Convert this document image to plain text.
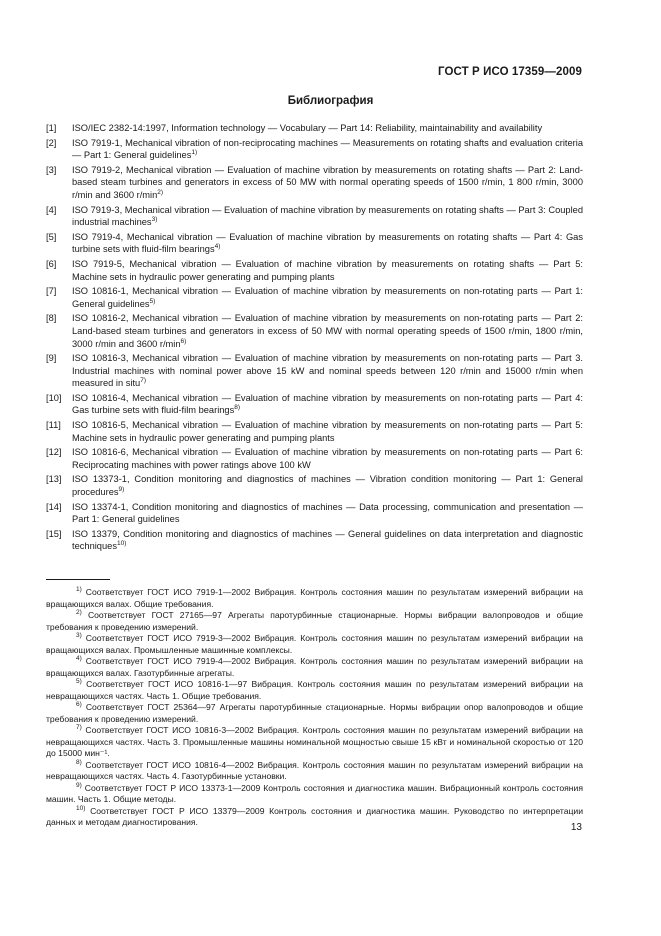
ГОСТ Р ИСО 17359—2009
Библиография
[1]	ISO/IEC 2382-14:1997, Information technology — Vocabulary — Part 14: Reliability, maintainability and availability
[2]	ISO 7919-1, Mechanical vibration of non-reciprocating machines — Measurements on rotating shafts and evaluation criteria — Part 1: General guidelines$^{1)}$
[3]	ISO 7919-2, Mechanical vibration — Evaluation of machine vibration by measurements on rotating shafts — Part 2: Land-based steam turbines and generators in excess of 50 MW with normal operating speeds of 1500 r/min, 1 800 r/min, 3000 r/min and 3600 $r/\min^{2)}$
[4]	ISO 7919-3, Mechanical vibration — Evaluation of machine vibration by measurements on rotating shafts — Part 3: Coupled industrial machines$^{3)}$
[5]	ISO 7919-4, Mechanical vibration — Evaluation of machine vibration by measurements on rotating shafts — Part 4: Gas turbine sets with fluid-film bearings$^{4)}$
[6]	ISO 7919-5, Mechanical vibration — Evaluation of machine vibration by measurements on rotating shafts — Part 5: Machine sets in hydraulic power generating and pumping plants
[7]	ISO 10816-1, Mechanical vibration — Evaluation of machine vibration by measurements on non-rotating parts — Part 1: General guidelines$^{5)}$
[8]	ISO 10816-2, Mechanical vibration — Evaluation of machine vibration by measurements on non-rotating parts — Part 2: Land-based steam turbines and generators in excess of 50 MW with normal operating speeds of 1500 r/min, 1800 r/min, 3000 r/min and 3600 $r/\min^{6)}$
[9]	ISO 10816-3, Mechanical vibration — Evaluation of machine vibration by measurements on non-rotating parts — Part 3. Industrial machines with nominal power above 15 kW and nominal speeds between 120 r/min and 15000 r/min when measured in situ$^{7)}$
[10]	ISO 10816-4, Mechanical vibration — Evaluation of machine vibration by measurements on non-rotating parts — Part 4: Gas turbine sets with fluid-film bearings$^{8)}$
[11]	ISO 10816-5, Mechanical vibration — Evaluation of machine vibration by measurements on non-rotating parts — Part 5: Machine sets in hydraulic power generating and pumping plants
[12]	ISO 10816-6, Mechanical vibration — Evaluation of machine vibration by measurements on non-rotating parts — Part 6: Reciprocating machines with power ratings above 100 kW
[13]	ISO 13373-1, Condition monitoring and diagnostics of machines — Vibration condition monitoring — Part 1: General procedures$^{9)}$
[14]	ISO 13374-1, Condition monitoring and diagnostics of machines — Data processing, communication and presentation — Part 1: General guidelines
[15]	ISO 13379, Condition monitoring and diagnostics of machines — General guidelines on data interpretation and diagnostic techniques$^{10)}$

$^{1)}$ Соответствует ГОСТ ИСО 7919-1—2002 Вибрация. Контроль состояния машин по результатам измерений вибрации на вращающихся валах. Общие требования.

$^{2)}$ Соответствует ГОСТ 27165—97 Агрегаты паротурбинные стационарные. Нормы вибрации валопроводов и общие требования к проведению измерений.

$^{3)}$ Соответствует ГОСТ ИСО 7919-3—2002 Вибрация. Контроль состояния машин по результатам измерений вибрации на вращающихся валах. Промышленные машинные комплексы.

$^{4)}$ Соответствует ГОСТ ИСО 7919-4—2002 Вибрация. Контроль состояния машин по результатам измерений вибрации на вращающихся валах. Газотурбинные агрегаты.

$^{5)}$ Соответствует ГОСТ ИСО 10816-1—97 Вибрация. Контроль состояния машин по результатам измерений вибрации на невращающихся частях. Часть 1. Общие требования.

$^{6)}$ Соответствует ГОСТ 25364—97 Агрегаты паротурбинные стационарные. Нормы вибрации опор валопроводов и общие требования к проведению измерений.

$^{7)}$ Соответствует ГОСТ ИСО 10816-3—2002 Вибрация. Контроль состояния машин по результатам измерений вибрации на невращающихся частях. Часть 3. Промышленные машины номинальной мощностью свыше 15 кВт и номинальной скоростью от 120 до 15000 мин⁻¹.

$^{8)}$ Соответствует ГОСТ ИСО 10816-4—2002 Вибрация. Контроль состояния машин по результатам измерений вибрации на невращающихся частях. Часть 4. Газотурбинные установки.

$^{9)}$ Соответствует ГОСТ Р ИСО 13373-1—2009 Контроль состояния и диагностика машин. Вибрационный контроль состояния машин. Часть 1. Общие методы.

$^{10)}$ Соответствует ГОСТ Р ИСО 13379—2009 Контроль состояния и диагностика машин. Руководство по интерпретации данных и методам диагностирования.	13
